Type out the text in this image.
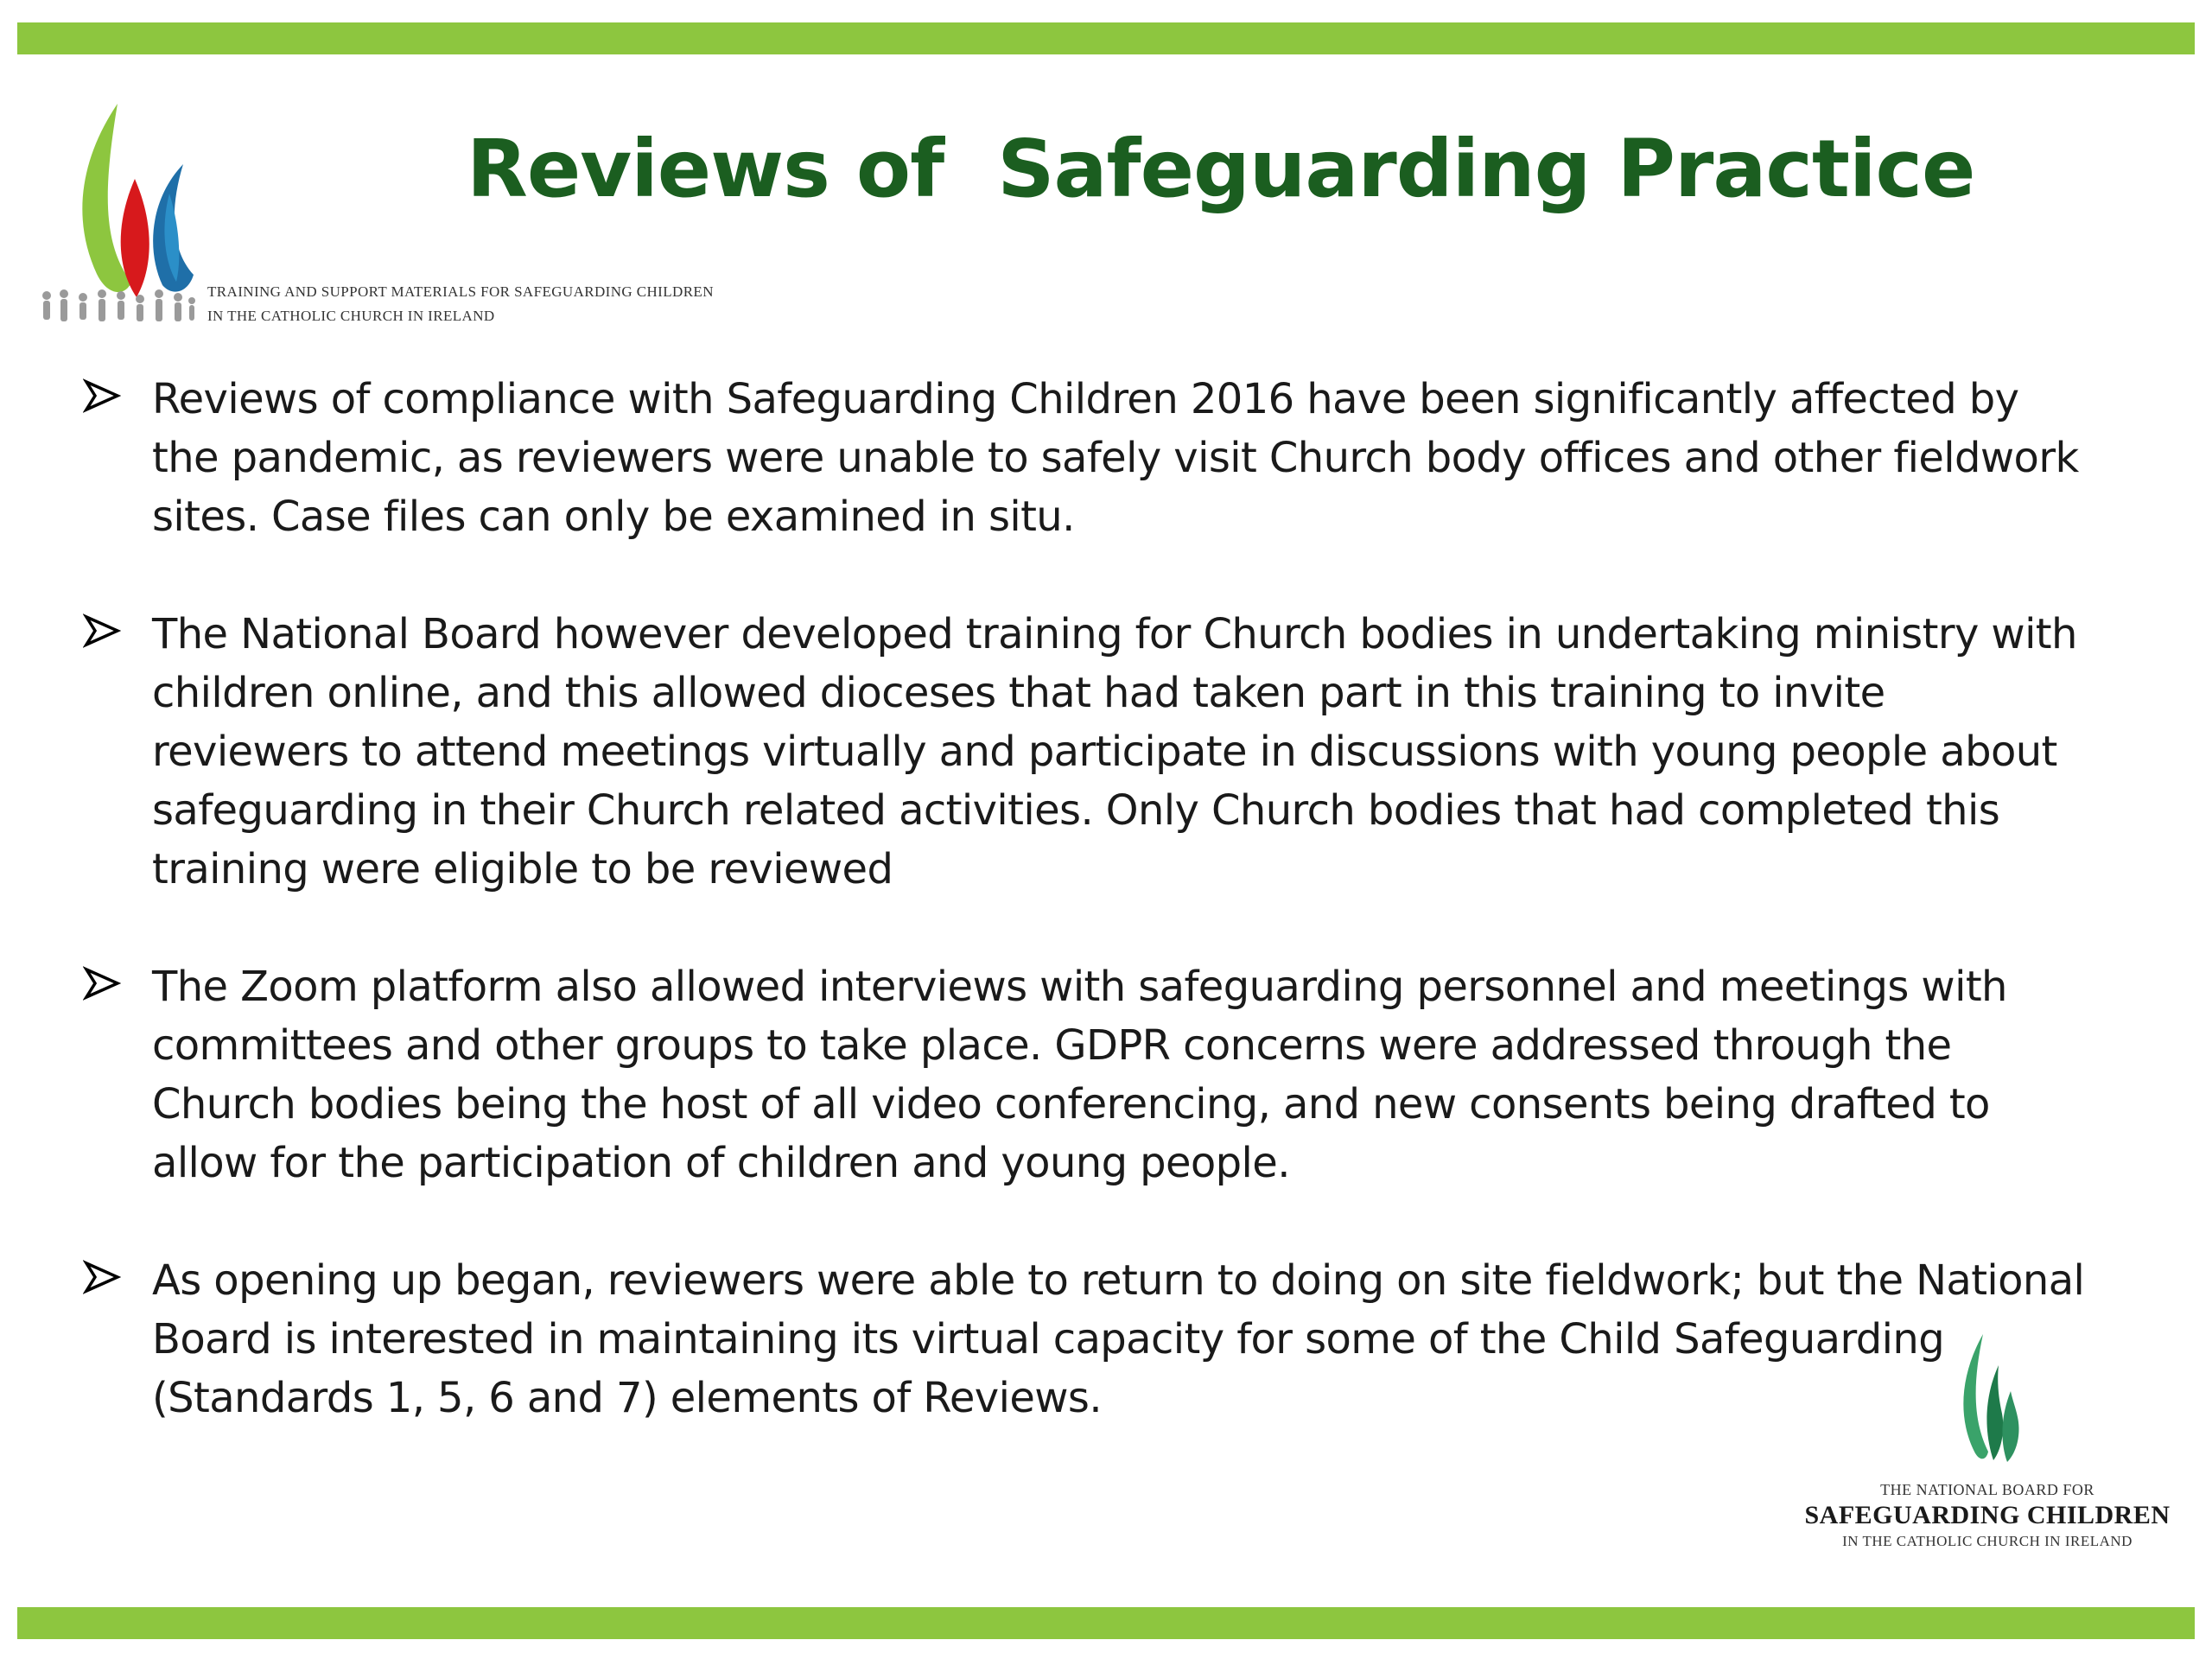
TRAINING AND SUPPORT MATERIALS FOR SAFEGUARDING CHILDREN
IN THE CATHOLIC CHURCH IN IRELAND
Reviews of  Safeguarding Practice
Reviews of compliance with Safeguarding Children 2016 have been significantly affected by the pandemic, as reviewers were unable to safely visit Church body offices and other fieldwork sites. Case files can only be examined in situ.
The National Board however developed training for Church bodies in undertaking ministry with children online, and this allowed dioceses that had taken part in this training to invite reviewers to attend meetings virtually and participate in discussions with young people about safeguarding in their Church related activities. Only Church bodies that had completed this training were eligible to be reviewed
The Zoom platform also allowed interviews with safeguarding personnel and meetings with committees and other groups to take place. GDPR concerns were addressed through the Church bodies being the host of all video conferencing, and new consents being drafted to allow for the participation of children and young people.
As opening up began, reviewers were able to return to doing on site fieldwork; but the National Board is interested in maintaining its virtual capacity for some of the Child Safeguarding (Standards 1, 5, 6 and 7) elements of Reviews.
THE NATIONAL BOARD FOR
SAFEGUARDING CHILDREN
IN THE CATHOLIC CHURCH IN IRELAND
